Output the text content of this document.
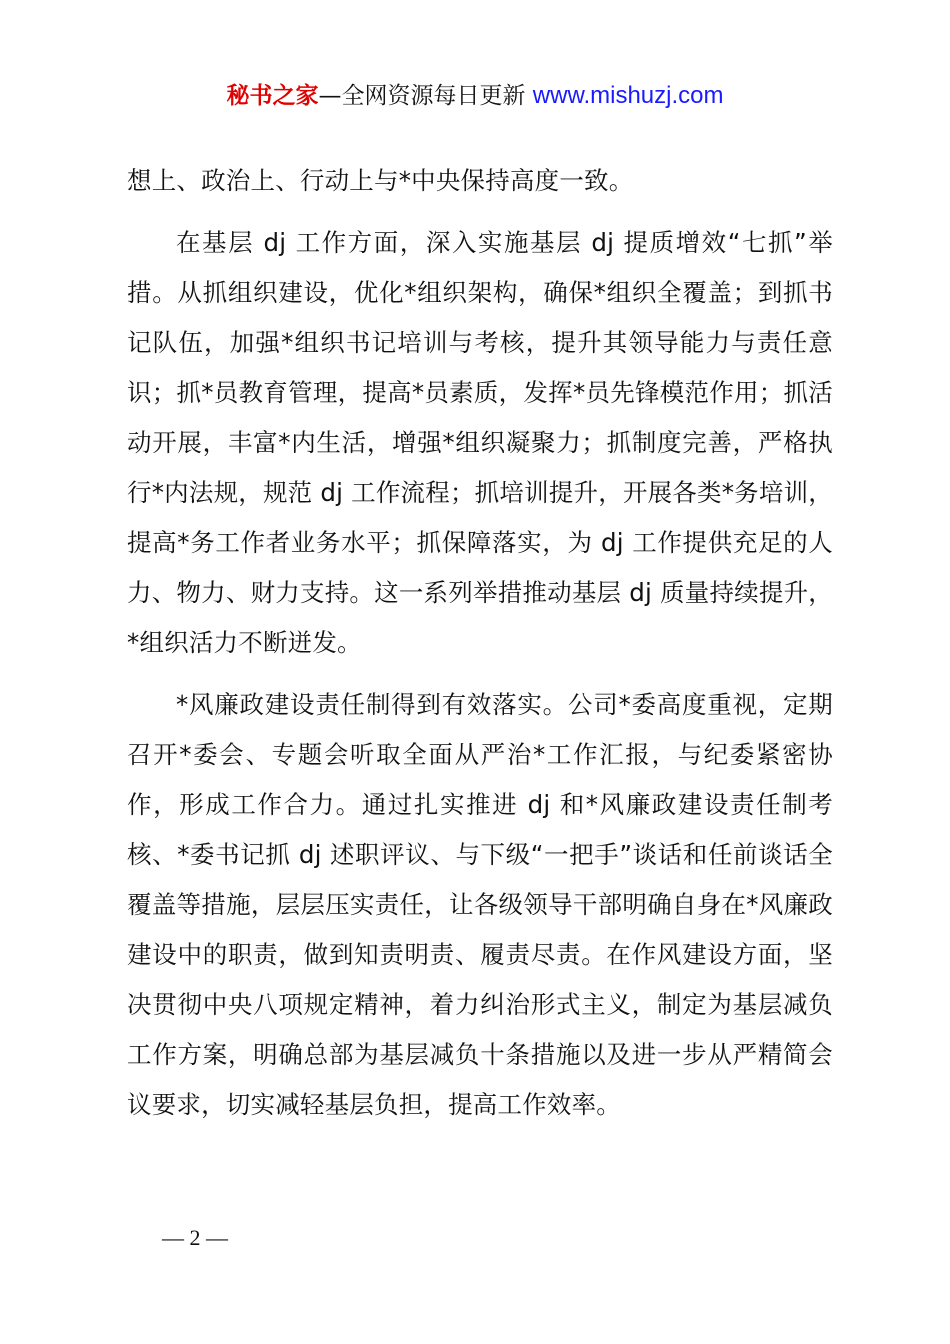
秘书之家—全网资源每日更新 www.mishuzj.com

想上、政治上、行动上与*中央保持高度一致。

在基层 dj 工作方面，深入实施基层 dj 提质增效“七抓”举措。从抓组织建设，优化*组织架构，确保*组织全覆盖；到抓书记队伍，加强*组织书记培训与考核，提升其领导能力与责任意识；抓*员教育管理，提高*员素质，发挥*员先锋模范作用；抓活动开展，丰富*内生活，增强*组织凝聚力；抓制度完善，严格执行*内法规，规范 dj 工作流程；抓培训提升，开展各类*务培训，提高*务工作者业务水平；抓保障落实，为 dj 工作提供充足的人力、物力、财力支持。这一系列举措推动基层 dj 质量持续提升，*组织活力不断迸发。

*风廉政建设责任制得到有效落实。公司*委高度重视，定期召开*委会、专题会听取全面从严治*工作汇报，与纪委紧密协作，形成工作合力。通过扎实推进 dj 和*风廉政建设责任制考核、*委书记抓 dj 述职评议、与下级“一把手”谈话和任前谈话全覆盖等措施，层层压实责任，让各级领导干部明确自身在*风廉政建设中的职责，做到知责明责、履责尽责。在作风建设方面，坚决贯彻中央八项规定精神，着力纠治形式主义，制定为基层减负工作方案，明确总部为基层减负十条措施以及进一步从严精简会议要求，切实减轻基层负担，提高工作效率。

— 2 —
